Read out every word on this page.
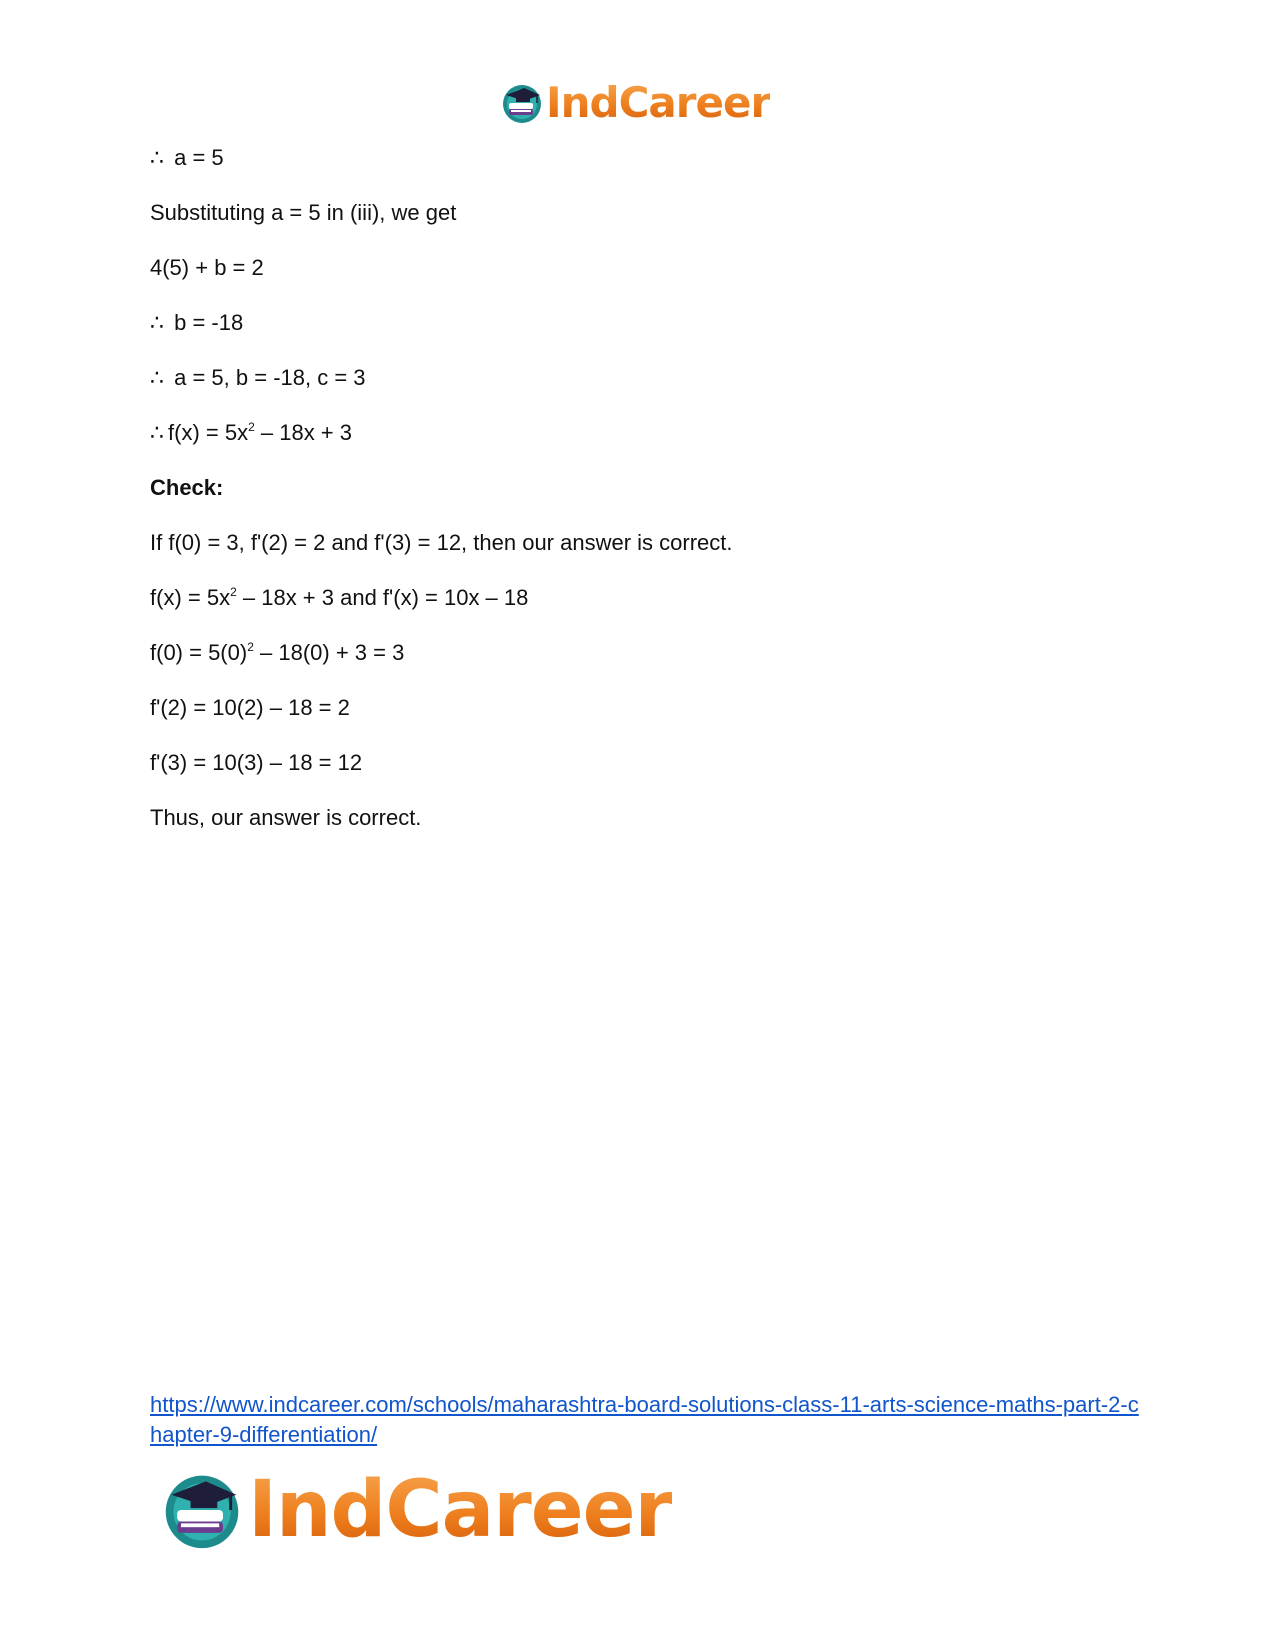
IndCareer
∴ a = 5
Substituting a = 5 in (iii), we get
4(5) + b = 2
∴ b = -18
∴ a = 5, b = -18, c = 3
∴ $f(x) = 5x^2 - 18x + 3$
Check:
If f(0) = 3, f'(2) = 2 and f'(3) = 12, then our answer is correct.
$f(x) = 5x^2 - 18x + 3$ and f'(x) = 10x – 18
$f(0) = 5(0)^2 - 18(0) + 3 = 3$
f'(2) = 10(2) – 18 = 2
f'(3) = 10(3) – 18 = 12
Thus, our answer is correct.
https://www.indcareer.com/schools/maharashtra-board-solutions-class-11-arts-science-maths-part-2-chapter-9-differentiation/
IndCareer
